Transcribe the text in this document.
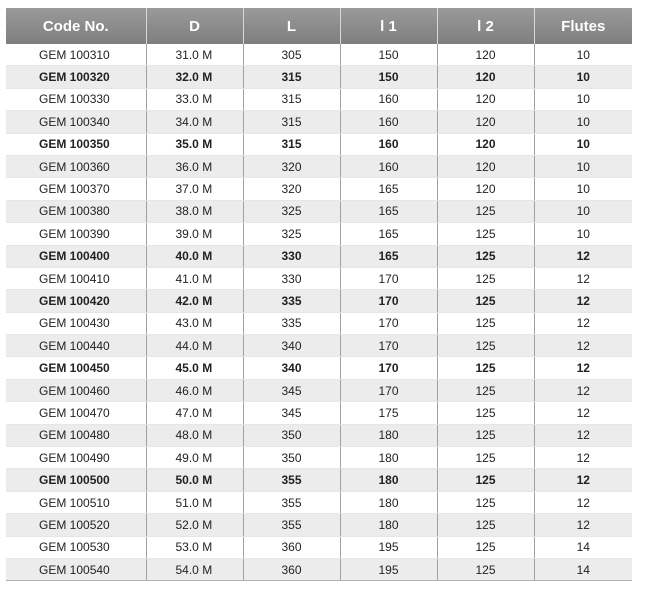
Code No.	D	L	l 1	l 2	Flutes
GEM 100310	31.0 M	305	150	120	10
GEM 100320	32.0 M	315	150	120	10
GEM 100330	33.0 M	315	160	120	10
GEM 100340	34.0 M	315	160	120	10
GEM 100350	35.0 M	315	160	120	10
GEM 100360	36.0 M	320	160	120	10
GEM 100370	37.0 M	320	165	120	10
GEM 100380	38.0 M	325	165	125	10
GEM 100390	39.0 M	325	165	125	10
GEM 100400	40.0 M	330	165	125	12
GEM 100410	41.0 M	330	170	125	12
GEM 100420	42.0 M	335	170	125	12
GEM 100430	43.0 M	335	170	125	12
GEM 100440	44.0 M	340	170	125	12
GEM 100450	45.0 M	340	170	125	12
GEM 100460	46.0 M	345	170	125	12
GEM 100470	47.0 M	345	175	125	12
GEM 100480	48.0 M	350	180	125	12
GEM 100490	49.0 M	350	180	125	12
GEM 100500	50.0 M	355	180	125	12
GEM 100510	51.0 M	355	180	125	12
GEM 100520	52.0 M	355	180	125	12
GEM 100530	53.0 M	360	195	125	14
GEM 100540	54.0 M	360	195	125	14
